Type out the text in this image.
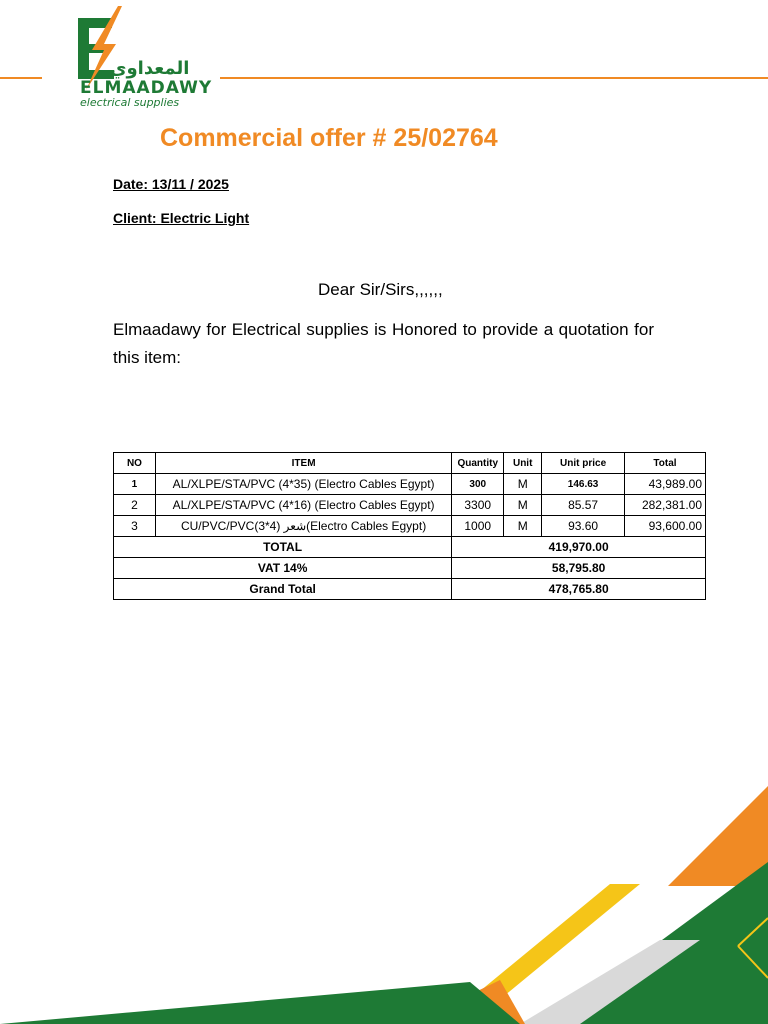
المعداوي
ELMAADAWY
electrical supplies
Commercial offer # 25/02764
Date: 13/11 / 2025
Client: Electric Light
Dear Sir/Sirs,,,,,,
Elmaadawy for Electrical supplies is Honored to provide a quotation for this item:
NO	ITEM	Quantity	Unit	Unit price	Total
1	AL/XLPE/STA/PVC (4*35) (Electro Cables Egypt)	300	M	146.63	43,989.00
2	AL/XLPE/STA/PVC (4*16) (Electro Cables Egypt)	3300	M	85.57	282,381.00
3	CU/PVC/PVC(3*4) شعر(Electro Cables Egypt)	1000	M	93.60	93,600.00
TOTAL		419,970.00			
VAT 14%		58,795.80			
Grand Total		478,765.80			
